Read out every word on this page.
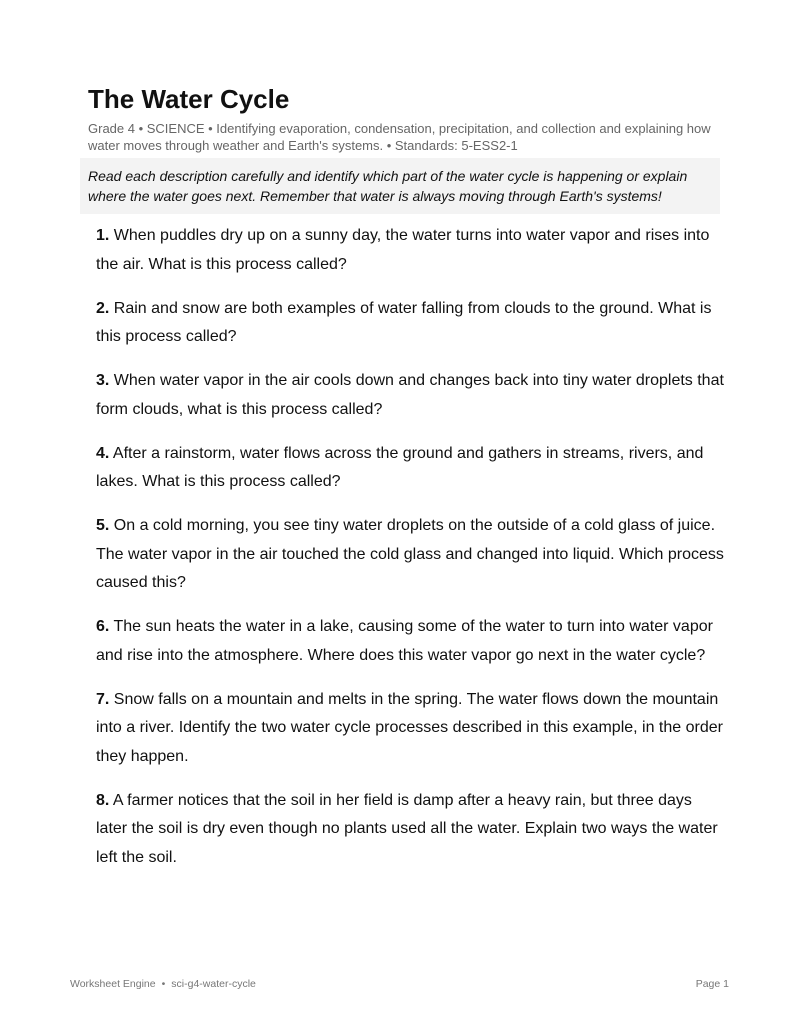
The Water Cycle

Grade 4 • SCIENCE • Identifying evaporation, condensation, precipitation, and collection and explaining how water moves through weather and Earth's systems. • Standards: 5-ESS2-1

Read each description carefully and identify which part of the water cycle is happening or explain where the water goes next. Remember that water is always moving through Earth's systems!

1. When puddles dry up on a sunny day, the water turns into water vapor and rises into the air. What is this process called?

2. Rain and snow are both examples of water falling from clouds to the ground. What is this process called?

3. When water vapor in the air cools down and changes back into tiny water droplets that form clouds, what is this process called?

4. After a rainstorm, water flows across the ground and gathers in streams, rivers, and lakes. What is this process called?

5. On a cold morning, you see tiny water droplets on the outside of a cold glass of juice. The water vapor in the air touched the cold glass and changed into liquid. Which process caused this?

6. The sun heats the water in a lake, causing some of the water to turn into water vapor and rise into the atmosphere. Where does this water vapor go next in the water cycle?

7. Snow falls on a mountain and melts in the spring. The water flows down the mountain into a river. Identify the two water cycle processes described in this example, in the order they happen.

8. A farmer notices that the soil in her field is damp after a heavy rain, but three days later the soil is dry even though no plants used all the water. Explain two ways the water left the soil.

Worksheet Engine • sci-g4-water-cycle	Page 1
